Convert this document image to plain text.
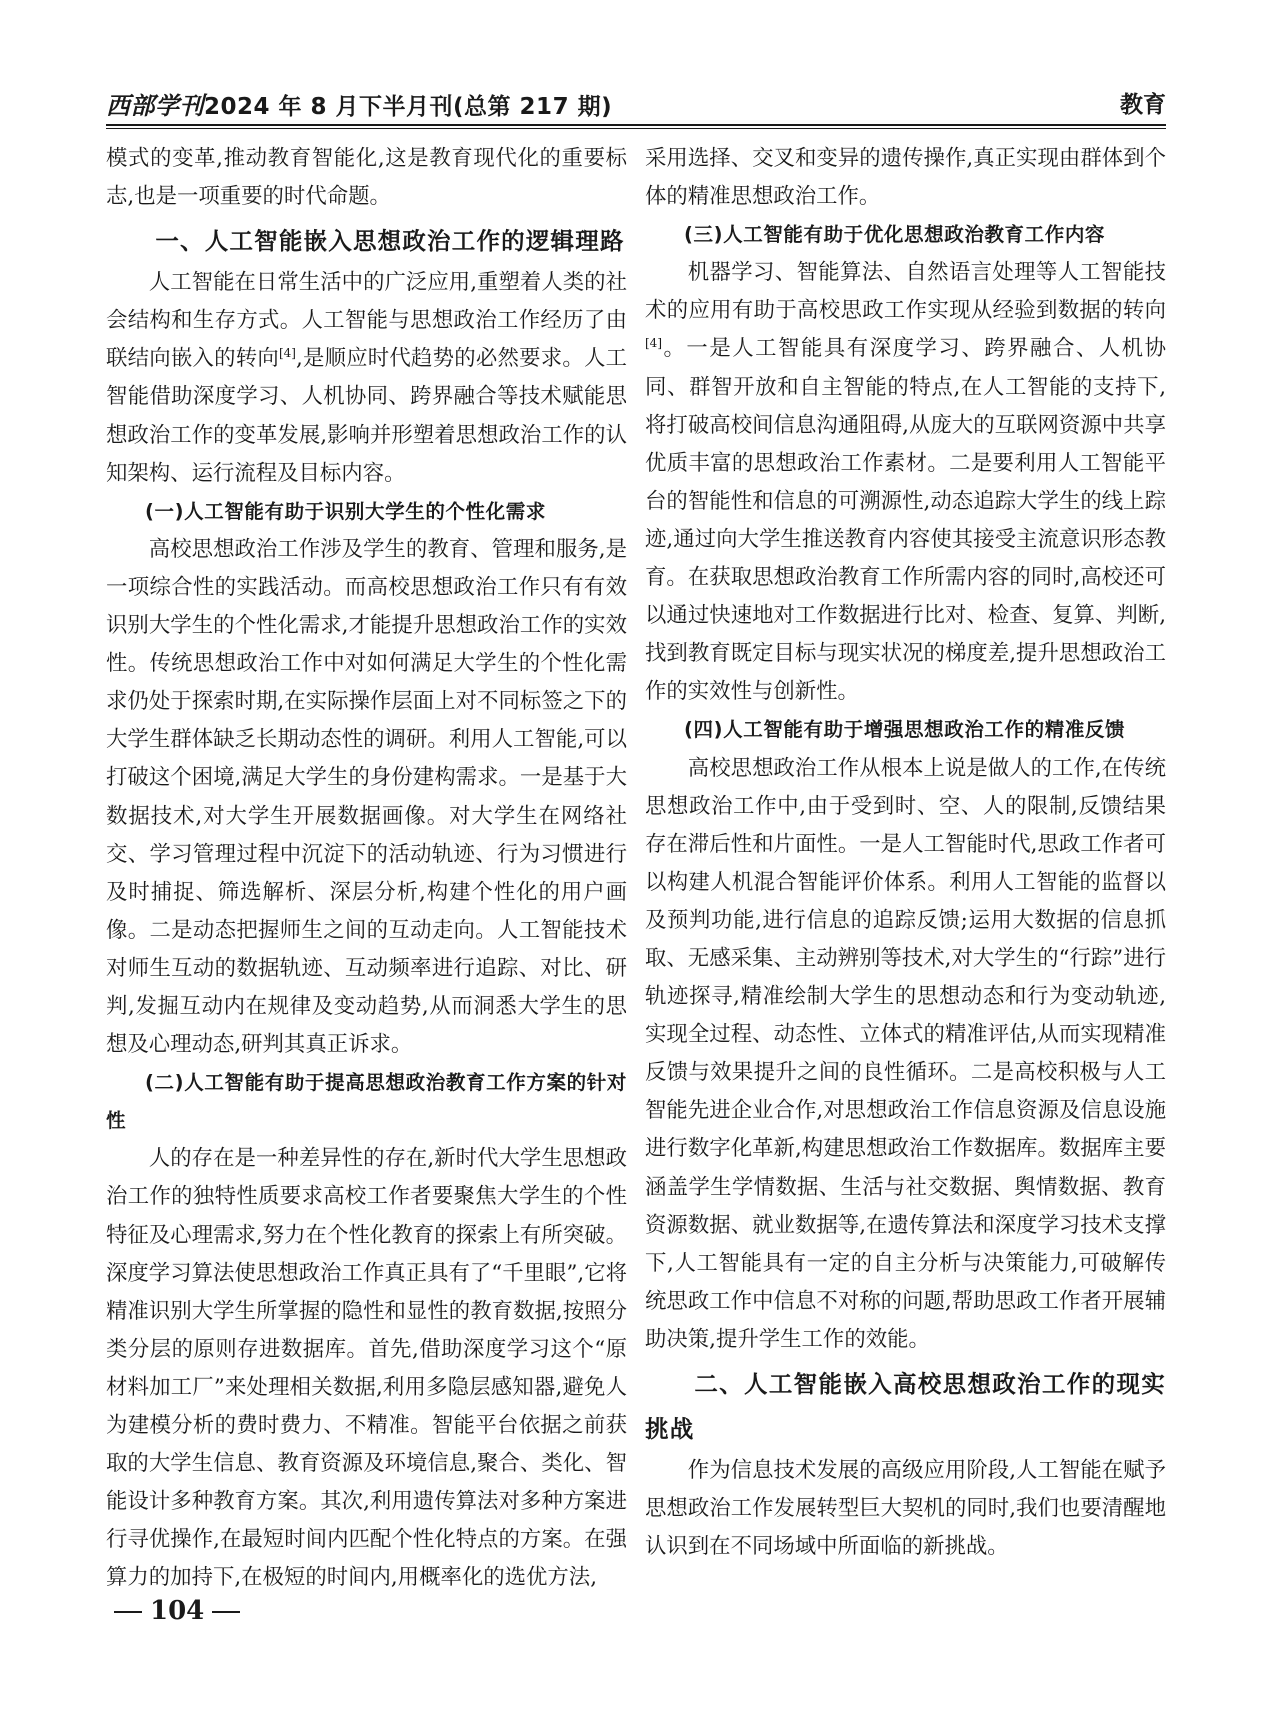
西部学刊2024 年 8 月下半月刊(总第 217 期)	教育
模式的变革,推动教育智能化,这是教育现代化的重要标志,也是一项重要的时代命题。
一、人工智能嵌入思想政治工作的逻辑理路
人工智能在日常生活中的广泛应用,重塑着人类的社会结构和生存方式。人工智能与思想政治工作经历了由联结向嵌入的转向[4],是顺应时代趋势的必然要求。人工智能借助深度学习、人机协同、跨界融合等技术赋能思想政治工作的变革发展,影响并形塑着思想政治工作的认知架构、运行流程及目标内容。
(一)人工智能有助于识别大学生的个性化需求
高校思想政治工作涉及学生的教育、管理和服务,是一项综合性的实践活动。而高校思想政治工作只有有效识别大学生的个性化需求,才能提升思想政治工作的实效性。传统思想政治工作中对如何满足大学生的个性化需求仍处于探索时期,在实际操作层面上对不同标签之下的大学生群体缺乏长期动态性的调研。利用人工智能,可以打破这个困境,满足大学生的身份建构需求。一是基于大数据技术,对大学生开展数据画像。对大学生在网络社交、学习管理过程中沉淀下的活动轨迹、行为习惯进行及时捕捉、筛选解析、深层分析,构建个性化的用户画像。二是动态把握师生之间的互动走向。人工智能技术对师生互动的数据轨迹、互动频率进行追踪、对比、研判,发掘互动内在规律及变动趋势,从而洞悉大学生的思想及心理动态,研判其真正诉求。
(二)人工智能有助于提高思想政治教育工作方案的针对性
人的存在是一种差异性的存在,新时代大学生思想政治工作的独特性质要求高校工作者要聚焦大学生的个性特征及心理需求,努力在个性化教育的探索上有所突破。深度学习算法使思想政治工作真正具有了“千里眼”,它将精准识别大学生所掌握的隐性和显性的教育数据,按照分类分层的原则存进数据库。首先,借助深度学习这个“原材料加工厂”来处理相关数据,利用多隐层感知器,避免人为建模分析的费时费力、不精准。智能平台依据之前获取的大学生信息、教育资源及环境信息,聚合、类化、智能设计多种教育方案。其次,利用遗传算法对多种方案进行寻优操作,在最短时间内匹配个性化特点的方案。在强算力的加持下,在极短的时间内,用概率化的选优方法,
采用选择、交叉和变异的遗传操作,真正实现由群体到个体的精准思想政治工作。
(三)人工智能有助于优化思想政治教育工作内容
机器学习、智能算法、自然语言处理等人工智能技术的应用有助于高校思政工作实现从经验到数据的转向[4]。一是人工智能具有深度学习、跨界融合、人机协同、群智开放和自主智能的特点,在人工智能的支持下,将打破高校间信息沟通阻碍,从庞大的互联网资源中共享优质丰富的思想政治工作素材。二是要利用人工智能平台的智能性和信息的可溯源性,动态追踪大学生的线上踪迹,通过向大学生推送教育内容使其接受主流意识形态教育。在获取思想政治教育工作所需内容的同时,高校还可以通过快速地对工作数据进行比对、检查、复算、判断,找到教育既定目标与现实状况的梯度差,提升思想政治工作的实效性与创新性。
(四)人工智能有助于增强思想政治工作的精准反馈
高校思想政治工作从根本上说是做人的工作,在传统思想政治工作中,由于受到时、空、人的限制,反馈结果存在滞后性和片面性。一是人工智能时代,思政工作者可以构建人机混合智能评价体系。利用人工智能的监督以及预判功能,进行信息的追踪反馈;运用大数据的信息抓取、无感采集、主动辨别等技术,对大学生的“行踪”进行轨迹探寻,精准绘制大学生的思想动态和行为变动轨迹,实现全过程、动态性、立体式的精准评估,从而实现精准反馈与效果提升之间的良性循环。二是高校积极与人工智能先进企业合作,对思想政治工作信息资源及信息设施进行数字化革新,构建思想政治工作数据库。数据库主要涵盖学生学情数据、生活与社交数据、舆情数据、教育资源数据、就业数据等,在遗传算法和深度学习技术支撑下,人工智能具有一定的自主分析与决策能力,可破解传统思政工作中信息不对称的问题,帮助思政工作者开展辅助决策,提升学生工作的效能。
二、人工智能嵌入高校思想政治工作的现实挑战
作为信息技术发展的高级应用阶段,人工智能在赋予思想政治工作发展转型巨大契机的同时,我们也要清醒地认识到在不同场域中所面临的新挑战。
104
